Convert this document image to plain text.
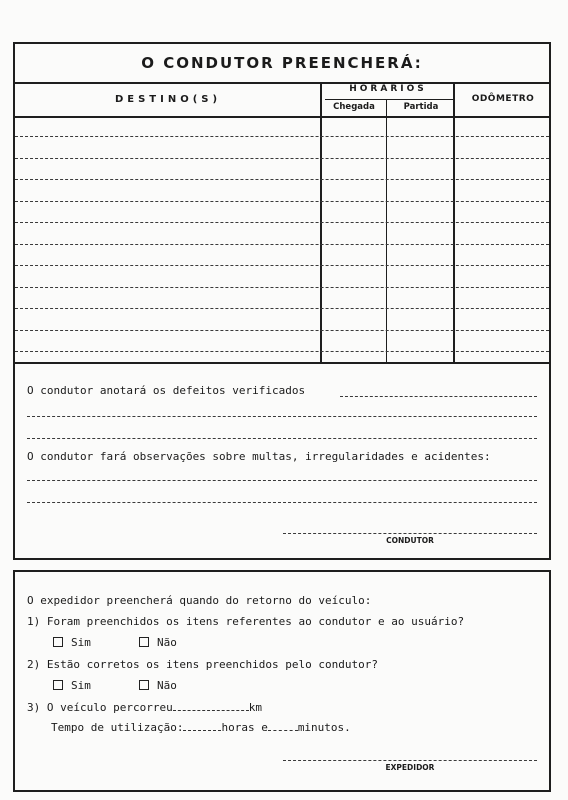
O CONDUTOR PREENCHERÁ:
DESTINO(S)
HORÁRIOS
Chegada	Partida
ODÔMETRO
O condutor anotará os defeitos verificados
O condutor fará observações sobre multas, irregularidades e acidentes:
CONDUTOR
O expedidor preencherá quando do retorno do veículo:
1) Foram preenchidos os itens referentes ao condutor e ao usuário?
Sim	Não
2) Estão corretos os itens preenchidos pelo condutor?
Sim	Não
3) O veículo percorreu	km
Tempo de utilização:	horas e	minutos.
EXPEDIDOR
